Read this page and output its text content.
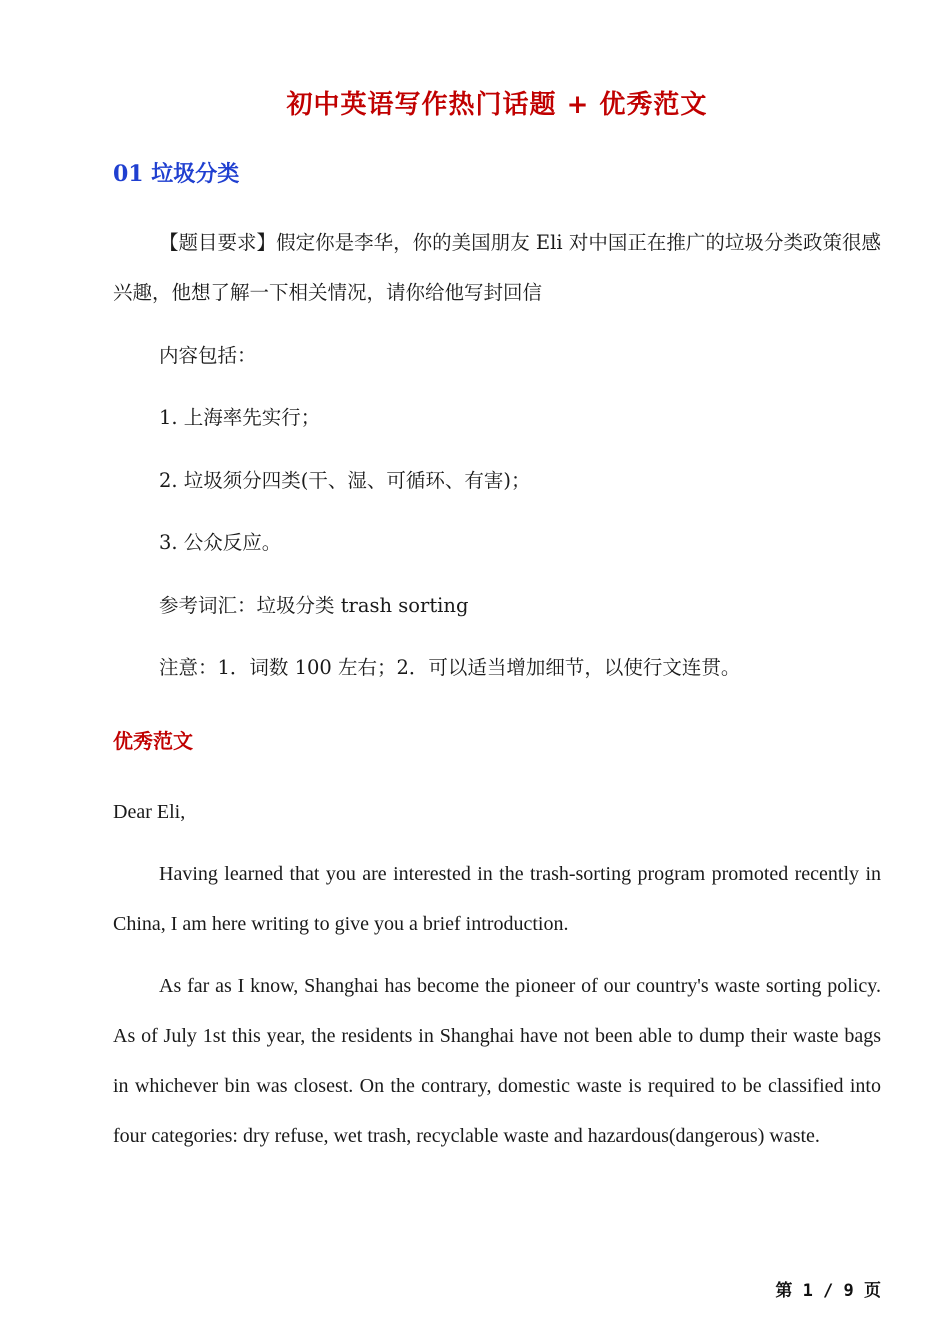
初中英语写作热门话题 + 优秀范文
01 垃圾分类

【题目要求】假定你是李华，你的美国朋友 Eli 对中国正在推广的垃圾分类政策很感兴趣，他想了解一下相关情况，请你给他写封回信

内容包括：

1. 上海率先实行；

2. 垃圾须分四类(干、湿、可循环、有害)；

3. 公众反应。

参考词汇：垃圾分类 trash sorting

注意：1．词数 100 左右；2．可以适当增加细节，以使行文连贯。

优秀范文

Dear Eli,

Having learned that you are interested in the trash-sorting program promoted recently in China, I am here writing to give you a brief introduction.

As far as I know, Shanghai has become the pioneer of our country's waste sorting policy. As of July 1st this year, the residents in Shanghai have not been able to dump their waste bags in whichever bin was closest. On the contrary, domestic waste is required to be classified into four categories: dry refuse, wet trash, recyclable waste and hazardous(dangerous) waste.

第 1 / 9 页
